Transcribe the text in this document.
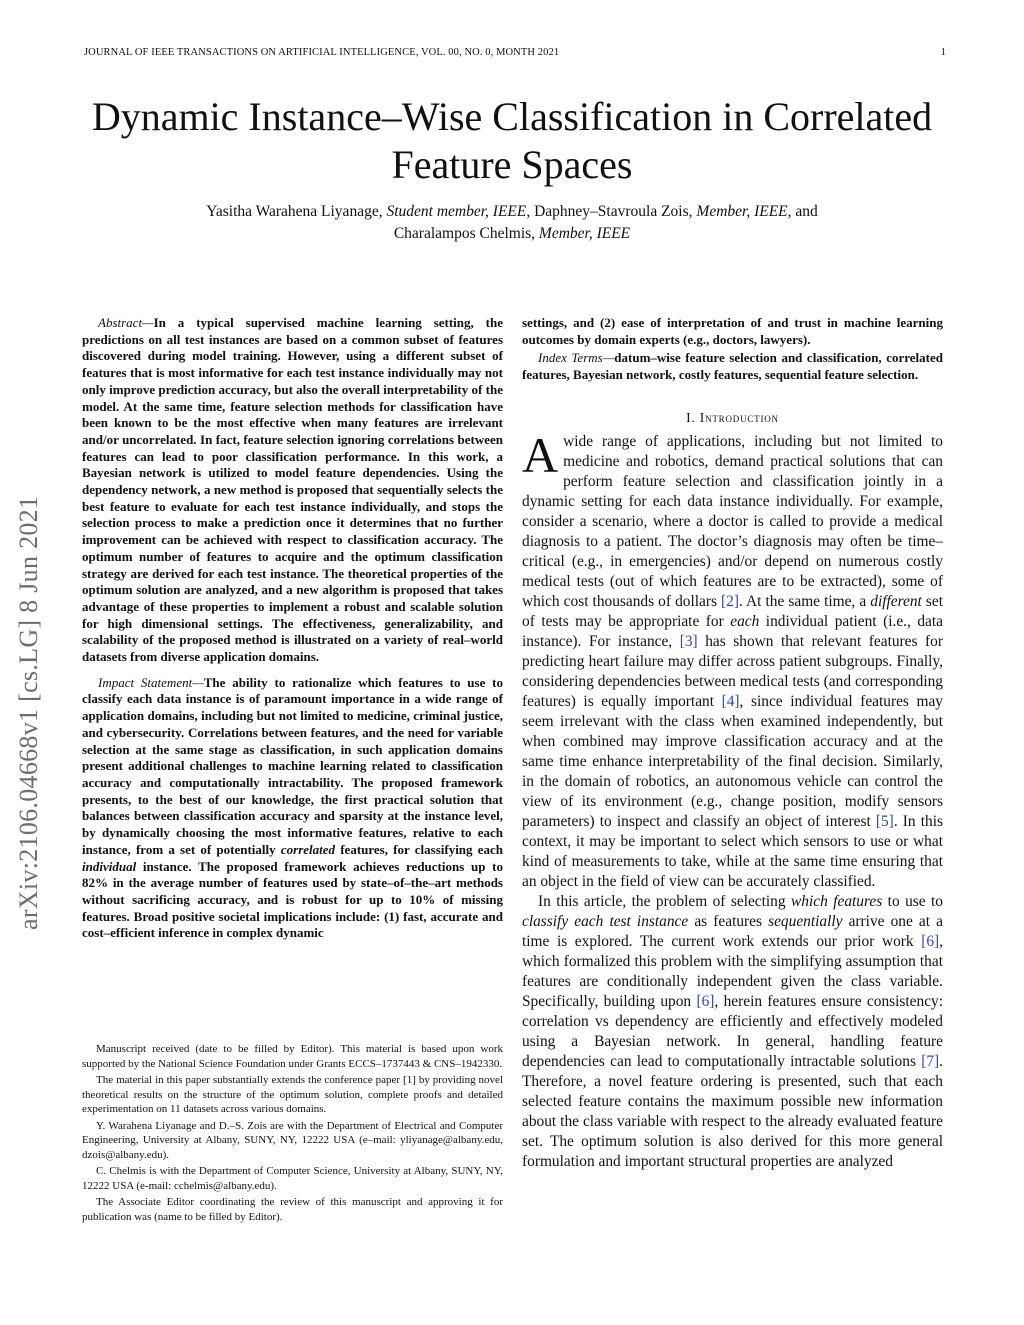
JOURNAL OF IEEE TRANSACTIONS ON ARTIFICIAL INTELLIGENCE, VOL. 00, NO. 0, MONTH 2021	1
arXiv:2106.04668v1 [cs.LG] 8 Jun 2021
Dynamic Instance–Wise Classification in Correlated Feature Spaces
Yasitha Warahena Liyanage, Student member, IEEE, Daphney–Stavroula Zois, Member, IEEE, and
Charalampos Chelmis, Member, IEEE

Abstract—In a typical supervised machine learning setting, the predictions on all test instances are based on a common subset of features discovered during model training. However, using a different subset of features that is most informative for each test instance individually may not only improve prediction accuracy, but also the overall interpretability of the model. At the same time, feature selection methods for classification have been known to be the most effective when many features are irrelevant and/or uncorrelated. In fact, feature selection ignoring correlations between features can lead to poor classification performance. In this work, a Bayesian network is utilized to model feature dependencies. Using the dependency network, a new method is proposed that sequentially selects the best feature to evaluate for each test instance individually, and stops the selection process to make a prediction once it determines that no further improvement can be achieved with respect to classification accuracy. The optimum number of features to acquire and the optimum classification strategy are derived for each test instance. The theoretical properties of the optimum solution are analyzed, and a new algorithm is proposed that takes advantage of these properties to implement a robust and scalable solution for high dimensional settings. The effectiveness, generalizability, and scalability of the proposed method is illustrated on a variety of real–world datasets from diverse application domains.

Impact Statement—The ability to rationalize which features to use to classify each data instance is of paramount importance in a wide range of application domains, including but not limited to medicine, criminal justice, and cybersecurity. Correlations between features, and the need for variable selection at the same stage as classification, in such application domains present additional challenges to machine learning related to classification accuracy and computationally intractability. The proposed framework presents, to the best of our knowledge, the first practical solution that balances between classification accuracy and sparsity at the instance level, by dynamically choosing the most informative features, relative to each instance, from a set of potentially correlated features, for classifying each individual instance. The proposed framework achieves reductions up to 82% in the average number of features used by state–of–the–art methods without sacrificing accuracy, and is robust for up to 10% of missing features. Broad positive societal implications include: (1) fast, accurate and cost–efficient inference in complex dynamic

Manuscript received (date to be filled by Editor). This material is based upon work supported by the National Science Foundation under Grants ECCS–1737443 & CNS–1942330.

The material in this paper substantially extends the conference paper [1] by providing novel theoretical results on the structure of the optimum solution, complete proofs and detailed experimentation on 11 datasets across various domains.

Y. Warahena Liyanage and D.–S. Zois are with the Department of Electrical and Computer Engineering, University at Albany, SUNY, NY, 12222 USA (e–mail: yliyanage@albany.edu, dzois@albany.edu).

C. Chelmis is with the Department of Computer Science, University at Albany, SUNY, NY, 12222 USA (e-mail: cchelmis@albany.edu).

The Associate Editor coordinating the review of this manuscript and approving it for publication was (name to be filled by Editor).

settings, and (2) ease of interpretation of and trust in machine learning outcomes by domain experts (e.g., doctors, lawyers).

Index Terms—datum–wise feature selection and classification, correlated features, Bayesian network, costly features, sequential feature selection.

I. Introduction

A wide range of applications, including but not limited to medicine and robotics, demand practical solutions that can perform feature selection and classification jointly in a dynamic setting for each data instance individually. For example, consider a scenario, where a doctor is called to provide a medical diagnosis to a patient. The doctor’s diagnosis may often be time–critical (e.g., in emergencies) and/or depend on numerous costly medical tests (out of which features are to be extracted), some of which cost thousands of dollars [2]. At the same time, a different set of tests may be appropriate for each individual patient (i.e., data instance). For instance, [3] has shown that relevant features for predicting heart failure may differ across patient subgroups. Finally, considering dependencies between medical tests (and corresponding features) is equally important [4], since individual features may seem irrelevant with the class when examined independently, but when combined may improve classification accuracy and at the same time enhance interpretability of the final decision. Similarly, in the domain of robotics, an autonomous vehicle can control the view of its environment (e.g., change position, modify sensors parameters) to inspect and classify an object of interest [5]. In this context, it may be important to select which sensors to use or what kind of measurements to take, while at the same time ensuring that an object in the field of view can be accurately classified.

In this article, the problem of selecting which features to use to classify each test instance as features sequentially arrive one at a time is explored. The current work extends our prior work [6], which formalized this problem with the simplifying assumption that features are conditionally independent given the class variable. Specifically, building upon [6], herein features ensure consistency: correlation vs dependency are efficiently and effectively modeled using a Bayesian network. In general, handling feature dependencies can lead to computationally intractable solutions [7]. Therefore, a novel feature ordering is presented, such that each selected feature contains the maximum possible new information about the class variable with respect to the already evaluated feature set. The optimum solution is also derived for this more general formulation and important structural properties are analyzed
